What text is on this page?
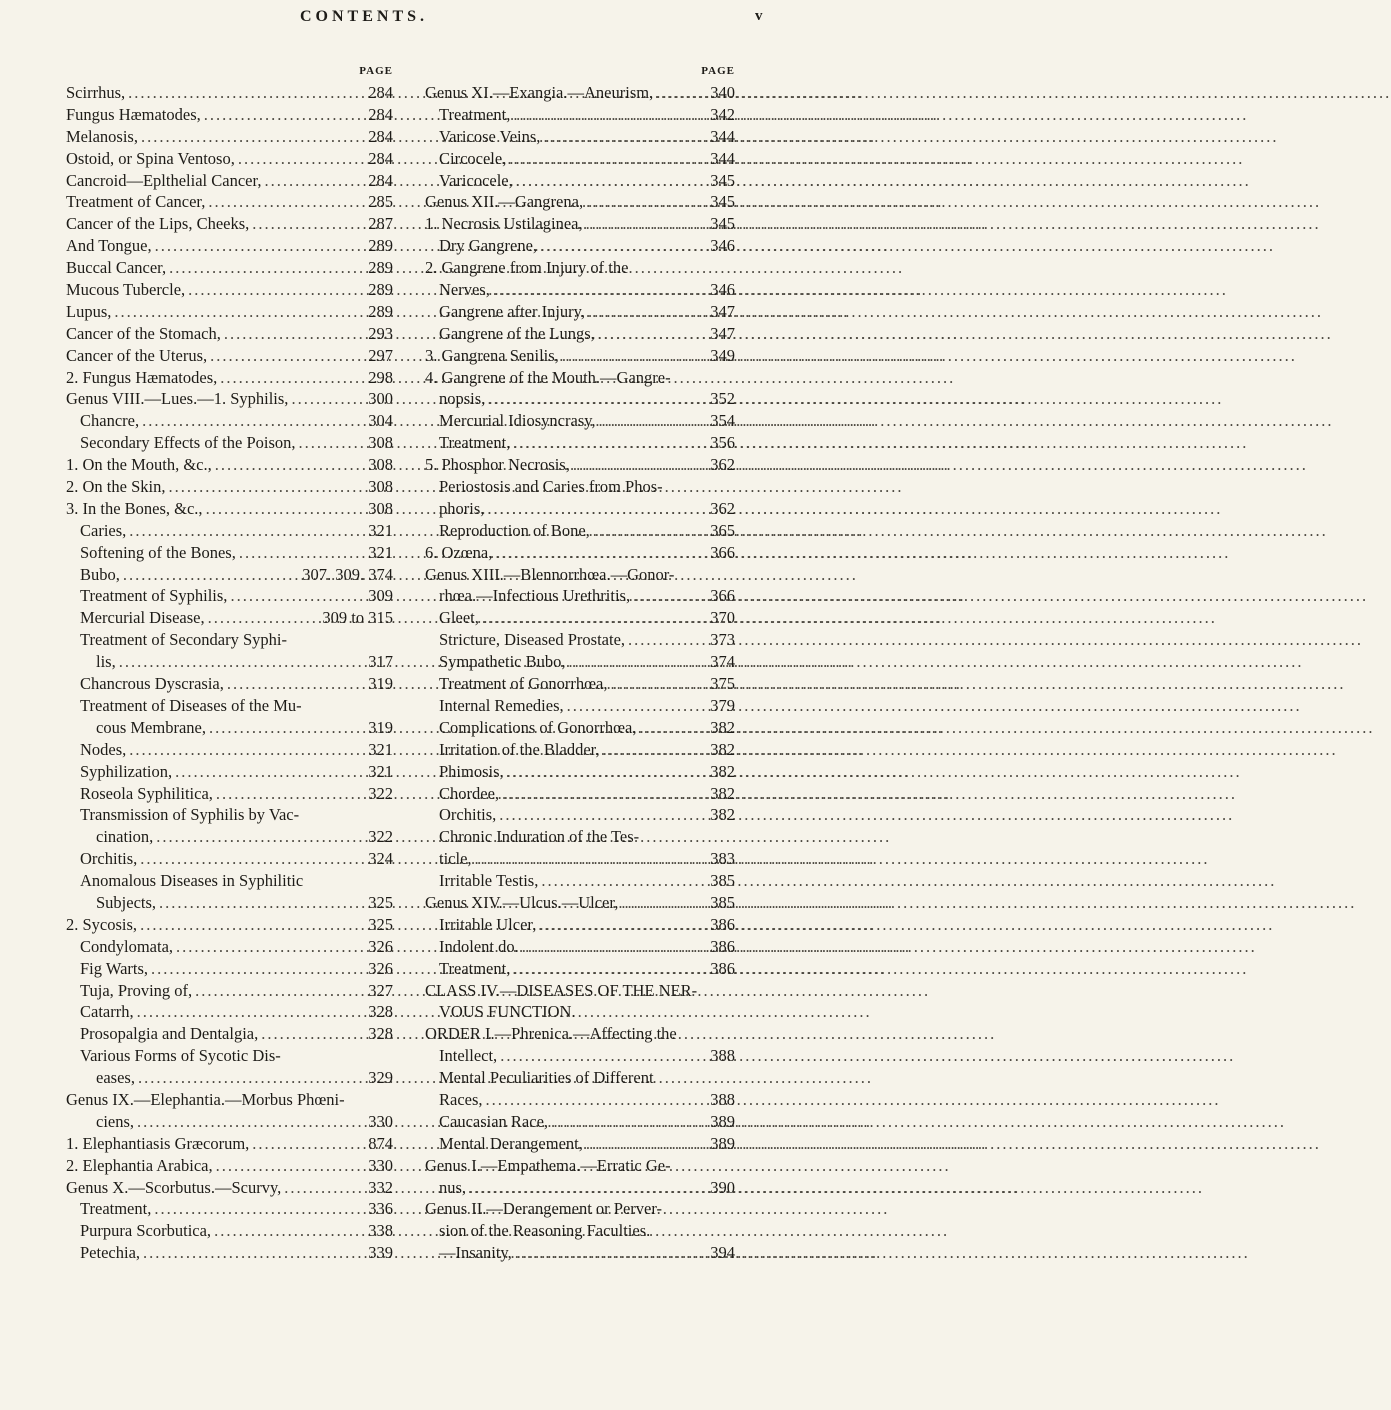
CONTENTS.	v
PAGE
Scirrhus, .....	284
Fungus Hæmatodes, .....	284
Melanosis, .....	284
Ostoid, or Spina Ventoso, .....	284
Cancroid—Eplthelial Cancer, .....	284
Treatment of Cancer, .....	285
Cancer of the Lips, Cheeks, .....	287
And Tongue, .....	289
Buccal Cancer, .....	289
Mucous Tubercle, .....	289
Lupus, .....	289
Cancer of the Stomach, .....	293
Cancer of the Uterus, .....	297
2. Fungus Hæmatodes, .....	298
Genus VIII.—Lues.—1. Syphilis, .....	300
Chancre, .....	304
Secondary Effects of the Poison, .....	308
1. On the Mouth, &c., .....	308
2. On the Skin, .....	308
3. In the Bones, &c., .....	308
Caries, .....	321
Softening of the Bones, .....	321
Bubo, .....	307. 309. 374
Treatment of Syphilis, .....	309
Mercurial Disease, .....	309 to 315
Treatment of Secondary Syphi-
lis, .....	317
Chancrous Dyscrasia, .....	319
Treatment of Diseases of the Mu-
cous Membrane, .....	319
Nodes, .....	321
Syphilization, .....	321
Roseola Syphilitica, .....	322
Transmission of Syphilis by Vac-
cination, .....	322
Orchitis, .....	324
Anomalous Diseases in Syphilitic
Subjects, .....	325
2. Sycosis, .....	325
Condylomata, .....	326
Fig Warts, .....	326
Tuja, Proving of, .....	327
Catarrh, .....	328
Prosopalgia and Dentalgia, .....	328
Various Forms of Sycotic Dis-
eases, .....	329
Genus IX.—Elephantia.—Morbus Phœni-
ciens, .....	330
1. Elephantiasis Græcorum, .....	874
2. Elephantia Arabica, .....	330
Genus X.—Scorbutus.—Scurvy, .....	332
Treatment, .....	336
Purpura Scorbutica, .....	338
Petechia, .....	339
PAGE
Genus XI.—Exangia.—Aneurism, .....	340
Treatment, .....	342
Varicose Veins, .....	344
Circocele, .....	344
Varicocele, .....	345
Genus XII.—Gangrena, .....	345
1. Necrosis Ustilaginea, .....	345
Dry Gangrene, .....	346
2. Gangrene from Injury of the
Nerves, .....	346
Gangrene after Injury, .....	347
Gangrene of the Lungs, .....	347
3. Gangrena Senilis, .....	349
4. Gangrene of the Mouth.—Gangre-
nopsis, .....	352
Mercurial Idiosyncrasy, .....	354
Treatment, .....	356
5. Phosphor Necrosis, .....	362
Periostosis and Caries from Phos-
phoris, .....	362
Reproduction of Bone, .....	365
6. Ozœna, .....	366
Genus XIII.—Blennorrhœa.—Gonor-
rhœa.—Infectious Urethritis, .....	366
Gleet, .....	370
Stricture, Diseased Prostate, .....	373
Sympathetic Bubo, .....	374
Treatment of Gonorrhœa, .....	375
Internal Remedies, .....	379
Complications of Gonorrhœa, .....	382
Irritation of the Bladder, .....	382
Phimosis, .....	382
Chordee, .....	382
Orchitis, .....	382
Chronic Induration of the Tes-
ticle, .....	383
Irritable Testis, .....	385
Genus XIV.—Ulcus.—Ulcer, .....	385
Irritable Ulcer, .....	386
Indolent do. .....	386
Treatment, .....	386
CLASS IV.—DISEASES OF THE NER-
VOUS FUNCTION.
ORDER I.—Phrenica.—Affecting the
Intellect, .....	388
Mental Peculiarities of Different
Races, .....	388
Caucasian Race, .....	389
Mental Derangement, .....	389
Genus I.—Empathema.—Erratic Ge-
nus, .....	390
Genus II.—Derangement or Perver-
sion of the Reasoning Faculties.
—Insanity, .....	394
